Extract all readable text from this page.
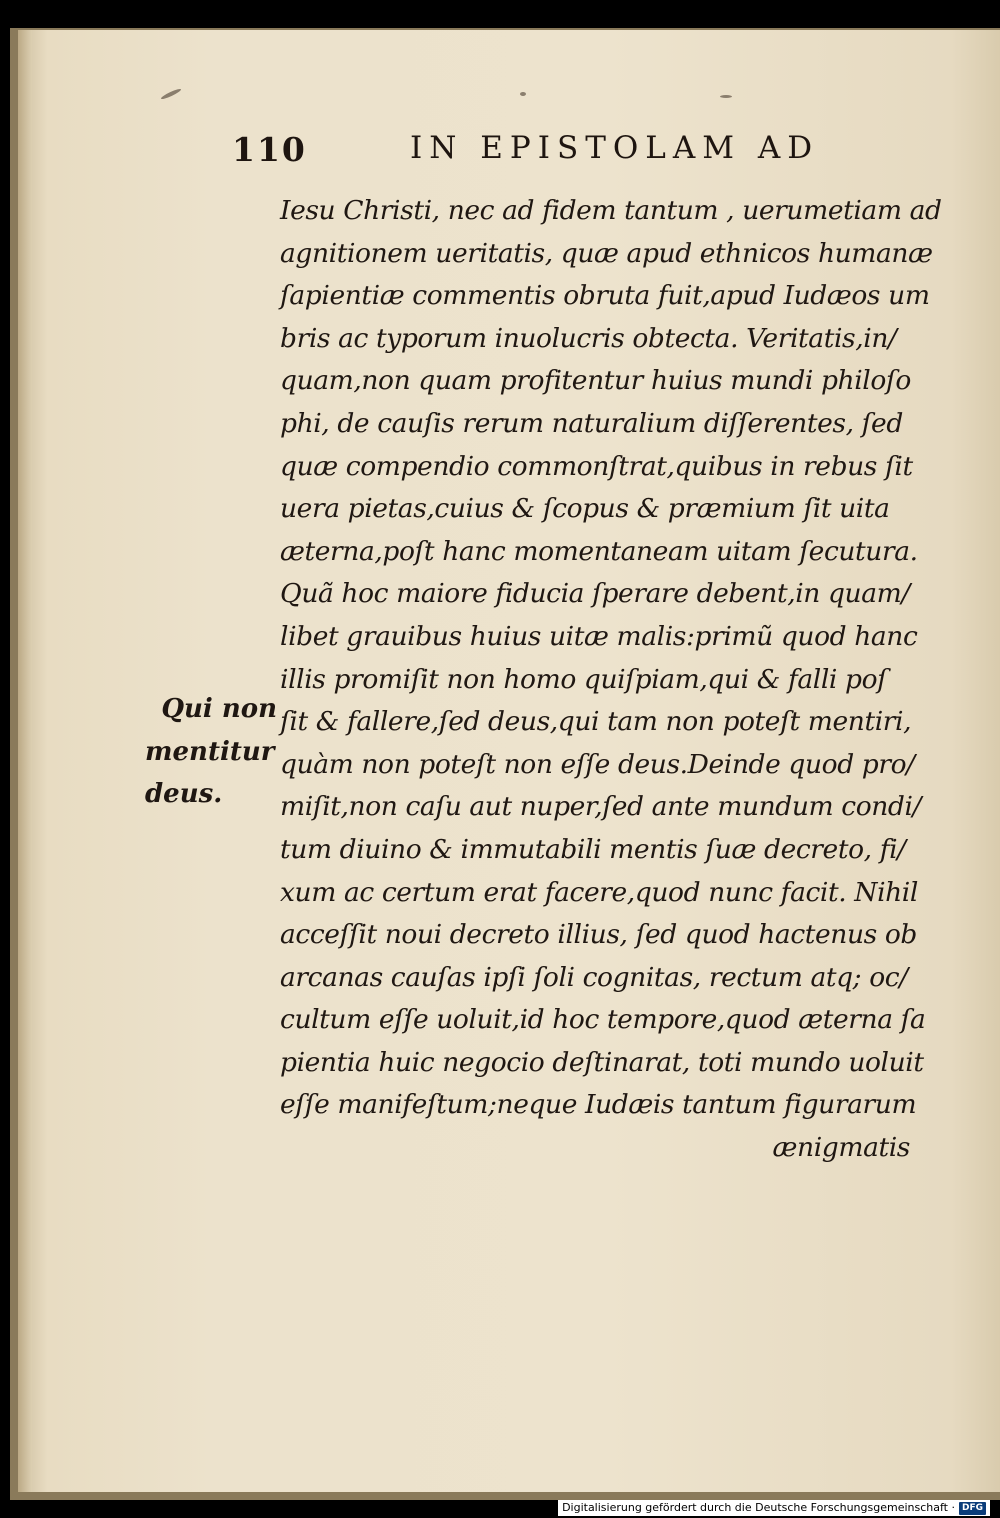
110	IN EPISTOLAM AD
Iesu Christi, nec ad fidem tantum , uerumetiam ad
agnitionem ueritatis, quæ apud ethnicos humanæ
ſapientiæ commentis obruta fuit,apud Iudæos um
bris ac typorum inuolucris obtecta. Veritatis,in/
quam,non quam profitentur huius mundi philoſo
phi, de cauſis rerum naturalium diſſerentes, ſed
quæ compendio commonſtrat,quibus in rebus ſit
uera pietas,cuius & ſcopus & præmium ſit uita
æterna,poſt hanc momentaneam uitam ſecutura.
Quã hoc maiore fiducia ſperare debent,in quam/
libet grauibus huius uitæ malis:primũ quod hanc
illis promiſit non homo quiſpiam,qui & falli poſ
ſit & fallere,ſed deus,qui tam non poteſt mentiri,
quàm non poteſt non eſſe deus.Deinde quod pro/
miſit,non caſu aut nuper,ſed ante mundum condi/
tum diuino & immutabili mentis ſuæ decreto, fi/
xum ac certum erat facere,quod nunc facit. Nihil
acceſſit noui decreto illius, ſed quod hactenus ob
arcanas cauſas ipſi ſoli cognitas, rectum atq; oc/
cultum eſſe uoluit,id hoc tempore,quod æterna ſa
pientia huic negocio deſtinarat, toti mundo uoluit
eſſe manifeſtum;neque Iudæis tantum figurarum
ænigmatis
Qui non
mentitur
deus.
Digitalisierung gefördert durch die Deutsche Forschungsgemeinschaft · DFG
